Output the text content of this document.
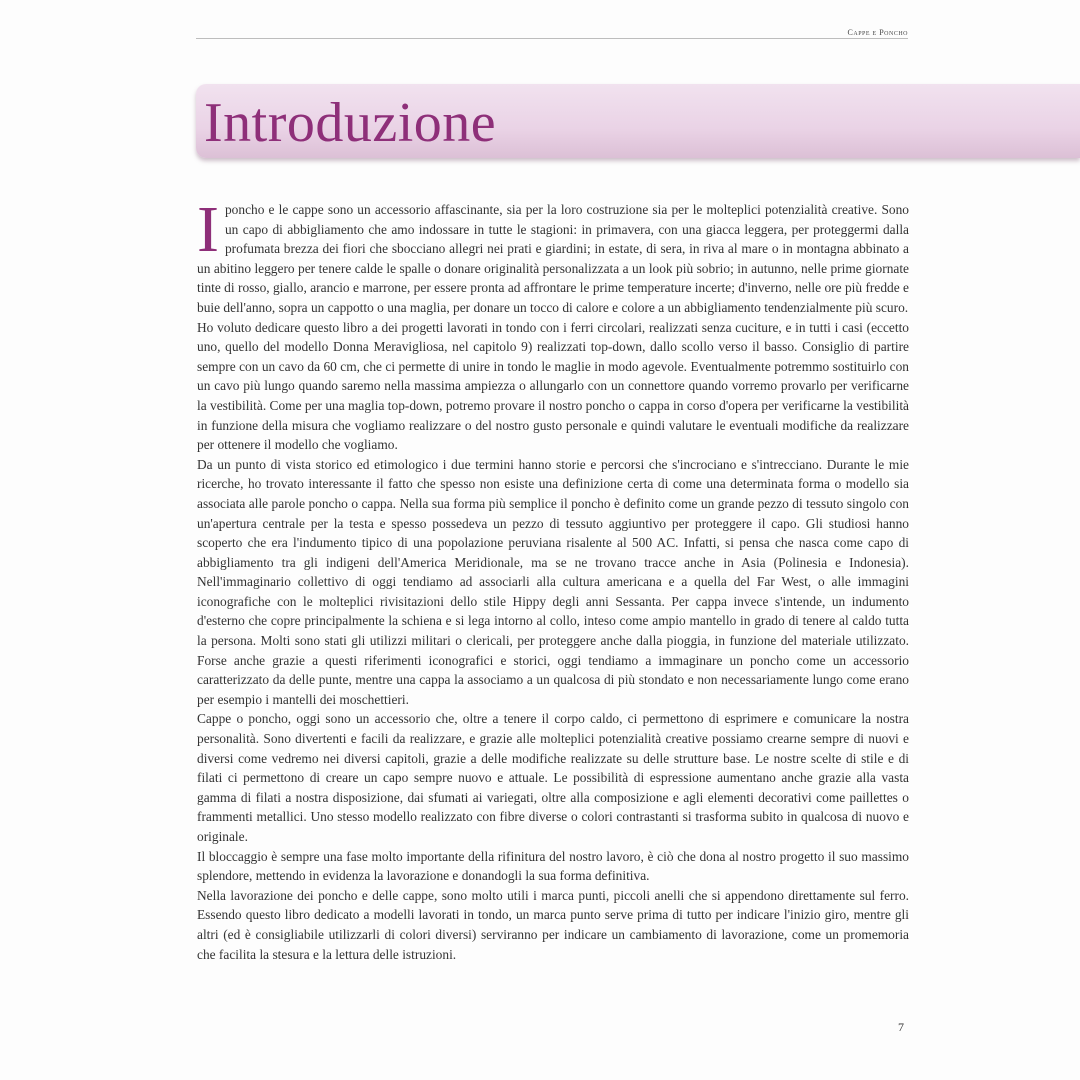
Cappe e Poncho
Introduzione

Iponcho e le cappe sono un accessorio affascinante, sia per la loro costruzione sia per le molteplici potenzialità creative. Sono un capo di abbigliamento che amo indossare in tutte le stagioni: in primavera, con una giacca leggera, per proteggermi dalla profumata brezza dei fiori che sbocciano allegri nei prati e giardini; in estate, di sera, in riva al mare o in montagna abbinato a un abitino leggero per tenere calde le spalle o donare originalità personalizzata a un look più sobrio; in autunno, nelle prime giornate tinte di rosso, giallo, arancio e marrone, per essere pronta ad affrontare le prime temperature incerte; d'inverno, nelle ore più fredde e buie dell'anno, sopra un cappotto o una maglia, per donare un tocco di calore e colore a un abbigliamento tendenzialmente più scuro.

Ho voluto dedicare questo libro a dei progetti lavorati in tondo con i ferri circolari, realizzati senza cuciture, e in tutti i casi (eccetto uno, quello del modello Donna Meravigliosa, nel capitolo 9) realizzati top-down, dallo scollo verso il basso. Consiglio di partire sempre con un cavo da 60 cm, che ci permette di unire in tondo le maglie in modo agevole. Eventualmente potremmo sostituirlo con un cavo più lungo quando saremo nella massima ampiezza o allungarlo con un connettore quando vorremo provarlo per verificarne la vestibilità. Come per una maglia top-down, potremo provare il nostro poncho o cappa in corso d'opera per verificarne la vestibilità in funzione della misura che vogliamo realizzare o del nostro gusto personale e quindi valutare le eventuali modifiche da realizzare per ottenere il modello che vogliamo.

Da un punto di vista storico ed etimologico i due termini hanno storie e percorsi che s'incrociano e s'intrecciano. Durante le mie ricerche, ho trovato interessante il fatto che spesso non esiste una definizione certa di come una determinata forma o modello sia associata alle parole poncho o cappa. Nella sua forma più semplice il poncho è definito come un grande pezzo di tessuto singolo con un'apertura centrale per la testa e spesso possedeva un pezzo di tessuto aggiuntivo per proteggere il capo. Gli studiosi hanno scoperto che era l'indumento tipico di una popolazione peruviana risalente al 500 AC. Infatti, si pensa che nasca come capo di abbigliamento tra gli indigeni dell'America Meridionale, ma se ne trovano tracce anche in Asia (Polinesia e Indonesia). Nell'immaginario collettivo di oggi tendiamo ad associarli alla cultura americana e a quella del Far West, o alle immagini iconografiche con le molteplici rivisitazioni dello stile Hippy degli anni Sessanta. Per cappa invece s'intende, un indumento d'esterno che copre principalmente la schiena e si lega intorno al collo, inteso come ampio mantello in grado di tenere al caldo tutta la persona. Molti sono stati gli utilizzi militari o clericali, per proteggere anche dalla pioggia, in funzione del materiale utilizzato. Forse anche grazie a questi riferimenti iconografici e storici, oggi tendiamo a immaginare un poncho come un accessorio caratterizzato da delle punte, mentre una cappa la associamo a un qualcosa di più stondato e non necessariamente lungo come erano per esempio i mantelli dei moschettieri.

Cappe o poncho, oggi sono un accessorio che, oltre a tenere il corpo caldo, ci permettono di esprimere e comunicare la nostra personalità. Sono divertenti e facili da realizzare, e grazie alle molteplici potenzialità creative possiamo crearne sempre di nuovi e diversi come vedremo nei diversi capitoli, grazie a delle modifiche realizzate su delle strutture base. Le nostre scelte di stile e di filati ci permettono di creare un capo sempre nuovo e attuale. Le possibilità di espressione aumentano anche grazie alla vasta gamma di filati a nostra disposizione, dai sfumati ai variegati, oltre alla composizione e agli elementi decorativi come paillettes o frammenti metallici. Uno stesso modello realizzato con fibre diverse o colori contrastanti si trasforma subito in qualcosa di nuovo e originale.

Il bloccaggio è sempre una fase molto importante della rifinitura del nostro lavoro, è ciò che dona al nostro progetto il suo massimo splendore, mettendo in evidenza la lavorazione e donandogli la sua forma definitiva.

Nella lavorazione dei poncho e delle cappe, sono molto utili i marca punti, piccoli anelli che si appendono direttamente sul ferro. Essendo questo libro dedicato a modelli lavorati in tondo, un marca punto serve prima di tutto per indicare l'inizio giro, mentre gli altri (ed è consigliabile utilizzarli di colori diversi) serviranno per indicare un cambiamento di lavorazione, come un promemoria che facilita la stesura e la lettura delle istruzioni.

7
